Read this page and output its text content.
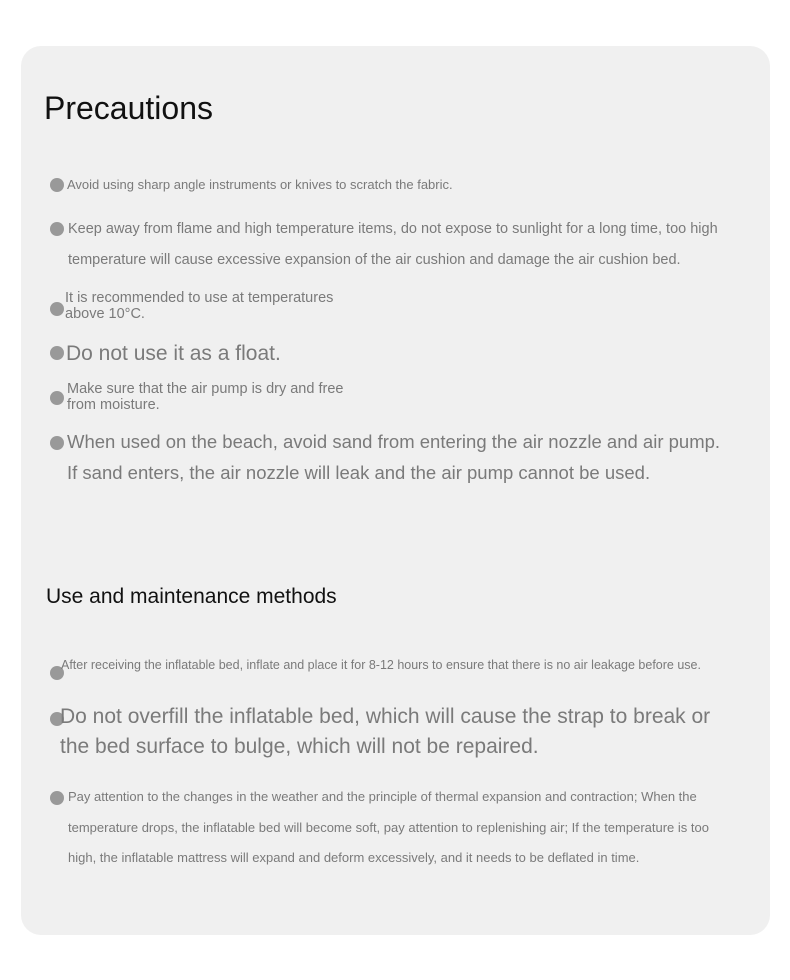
Precautions

Avoid using sharp angle instruments or knives to scratch the fabric.

Keep away from flame and high temperature items, do not expose to sunlight for a long time, too high temperature will cause excessive expansion of the air cushion and damage the air cushion bed.

It is recommended to use at temperatures above 10°C.

Do not use it as a float.

Make sure that the air pump is dry and free from moisture.

When used on the beach, avoid sand from entering the air nozzle and air pump. If sand enters, the air nozzle will leak and the air pump cannot be used.

Use and maintenance methods

After receiving the inflatable bed, inflate and place it for 8-12 hours to ensure that there is no air leakage before use.

Do not overfill the inflatable bed, which will cause the strap to break or the bed surface to bulge, which will not be repaired.

Pay attention to the changes in the weather and the principle of thermal expansion and contraction; When the temperature drops, the inflatable bed will become soft, pay attention to replenishing air; If the temperature is too high, the inflatable mattress will expand and deform excessively, and it needs to be deflated in time.
